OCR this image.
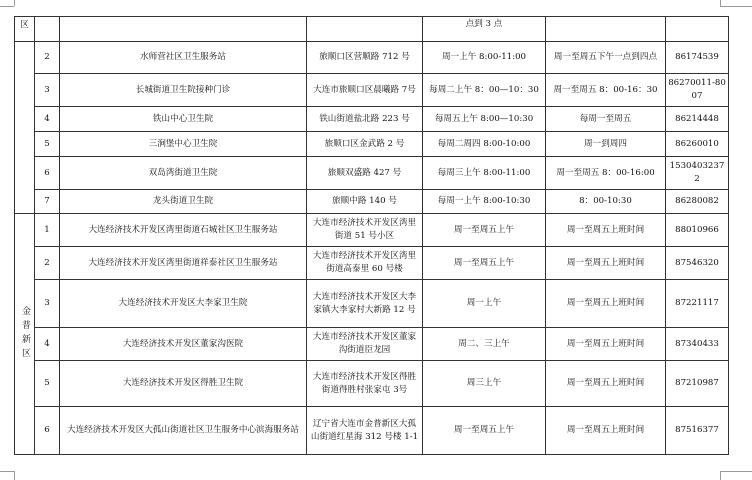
区				点到 3 点		
	2	水师营社区卫生服务站	旅顺口区营顺路 712 号	周一上午 8:00-11:00	周一至周五下午一点到四点	86174539
	3	长城街道卫生院接种门诊	大连市旅顺口区晨曦路 7号	每周二上午 8：00—10：30	周一至周五 8：00-16：30	86270011-8007
	4	铁山中心卫生院	铁山街道盐北路 223 号	每周五上午 8:00—10:30	每周一至周五	86214448
	5	三涧堡中心卫生院	旅顺口区金武路 2 号	每周二周四 8:00-10:00	周一到周四	86260010
	6	双岛湾街道卫生院	旅顺双盛路 427 号	每周三上午 8:00-11:00	周一至周五 8：00-16:00	15304032372
	7	龙头街道卫生院	旅顺中路 140 号	每周一上午 8:00-10:30	8：00-10:30	86280082
金普新区	1	大连经济技术开发区湾里街道石城社区卫生服务站	大连市经济技术开发区湾里街道 51 号小区	周一至周五上午	周一至周五上班时间	88010966
	2	大连经济技术开发区湾里街道祥泰社区卫生服务站	大连市经济技术开发区湾里街道高泰里 60 号楼	周一至周五上午	周一至周五上班时间	87546320
	3	大连经济技术开发区大李家卫生院	大连市经济技术开发区大李家镇大李家村大新路 12 号	周一上午	周一至周五上班时间	87221117
	4	大连经济技术开发区董家沟医院	大连市经济技术开发区董家沟街道臣龙园	周二、三上午	周一至周五上班时间	87340433
	5	大连经济技术开发区得胜卫生院	大连市经济技术开发区得胜街道得胜村张家屯 3号	周三上午	周一至周五上班时间	87210987
	6	大连经济技术开发区大孤山街道社区卫生服务中心滨海服务站	辽宁省大连市金普新区大孤山街道红星海 312 号楼 1-1	周一至周五上午	周一至周五上班时间	87516377
